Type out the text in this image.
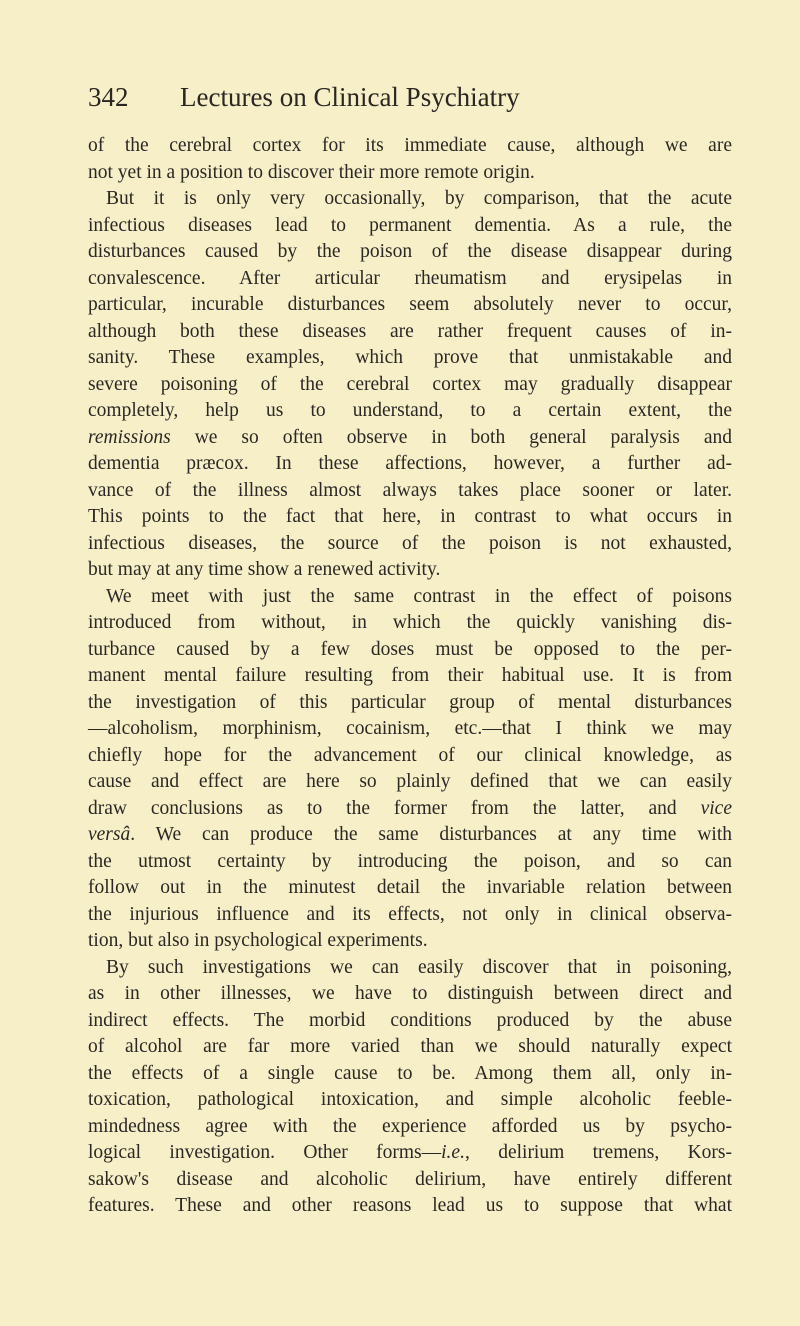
342 Lectures on Clinical Psychiatry
of the cerebral cortex for its immediate cause, although we are
not yet in a position to discover their more remote origin.
But it is only very occasionally, by comparison, that the acute
infectious diseases lead to permanent dementia. As a rule, the
disturbances caused by the poison of the disease disappear during
convalescence. After articular rheumatism and erysipelas in
particular, incurable disturbances seem absolutely never to occur,
although both these diseases are rather frequent causes of in-
sanity. These examples, which prove that unmistakable and
severe poisoning of the cerebral cortex may gradually disappear
completely, help us to understand, to a certain extent, the
remissions we so often observe in both general paralysis and
dementia præcox. In these affections, however, a further ad-
vance of the illness almost always takes place sooner or later.
This points to the fact that here, in contrast to what occurs in
infectious diseases, the source of the poison is not exhausted,
but may at any time show a renewed activity.
We meet with just the same contrast in the effect of poisons
introduced from without, in which the quickly vanishing dis-
turbance caused by a few doses must be opposed to the per-
manent mental failure resulting from their habitual use. It is from
the investigation of this particular group of mental disturbances
—alcoholism, morphinism, cocainism, etc.—that I think we may
chiefly hope for the advancement of our clinical knowledge, as
cause and effect are here so plainly defined that we can easily
draw conclusions as to the former from the latter, and vice
versâ. We can produce the same disturbances at any time with
the utmost certainty by introducing the poison, and so can
follow out in the minutest detail the invariable relation between
the injurious influence and its effects, not only in clinical observa-
tion, but also in psychological experiments.
By such investigations we can easily discover that in poisoning,
as in other illnesses, we have to distinguish between direct and
indirect effects. The morbid conditions produced by the abuse
of alcohol are far more varied than we should naturally expect
the effects of a single cause to be. Among them all, only in-
toxication, pathological intoxication, and simple alcoholic feeble-
mindedness agree with the experience afforded us by psycho-
logical investigation. Other forms—i.e., delirium tremens, Kors-
sakow's disease and alcoholic delirium, have entirely different
features. These and other reasons lead us to suppose that what
